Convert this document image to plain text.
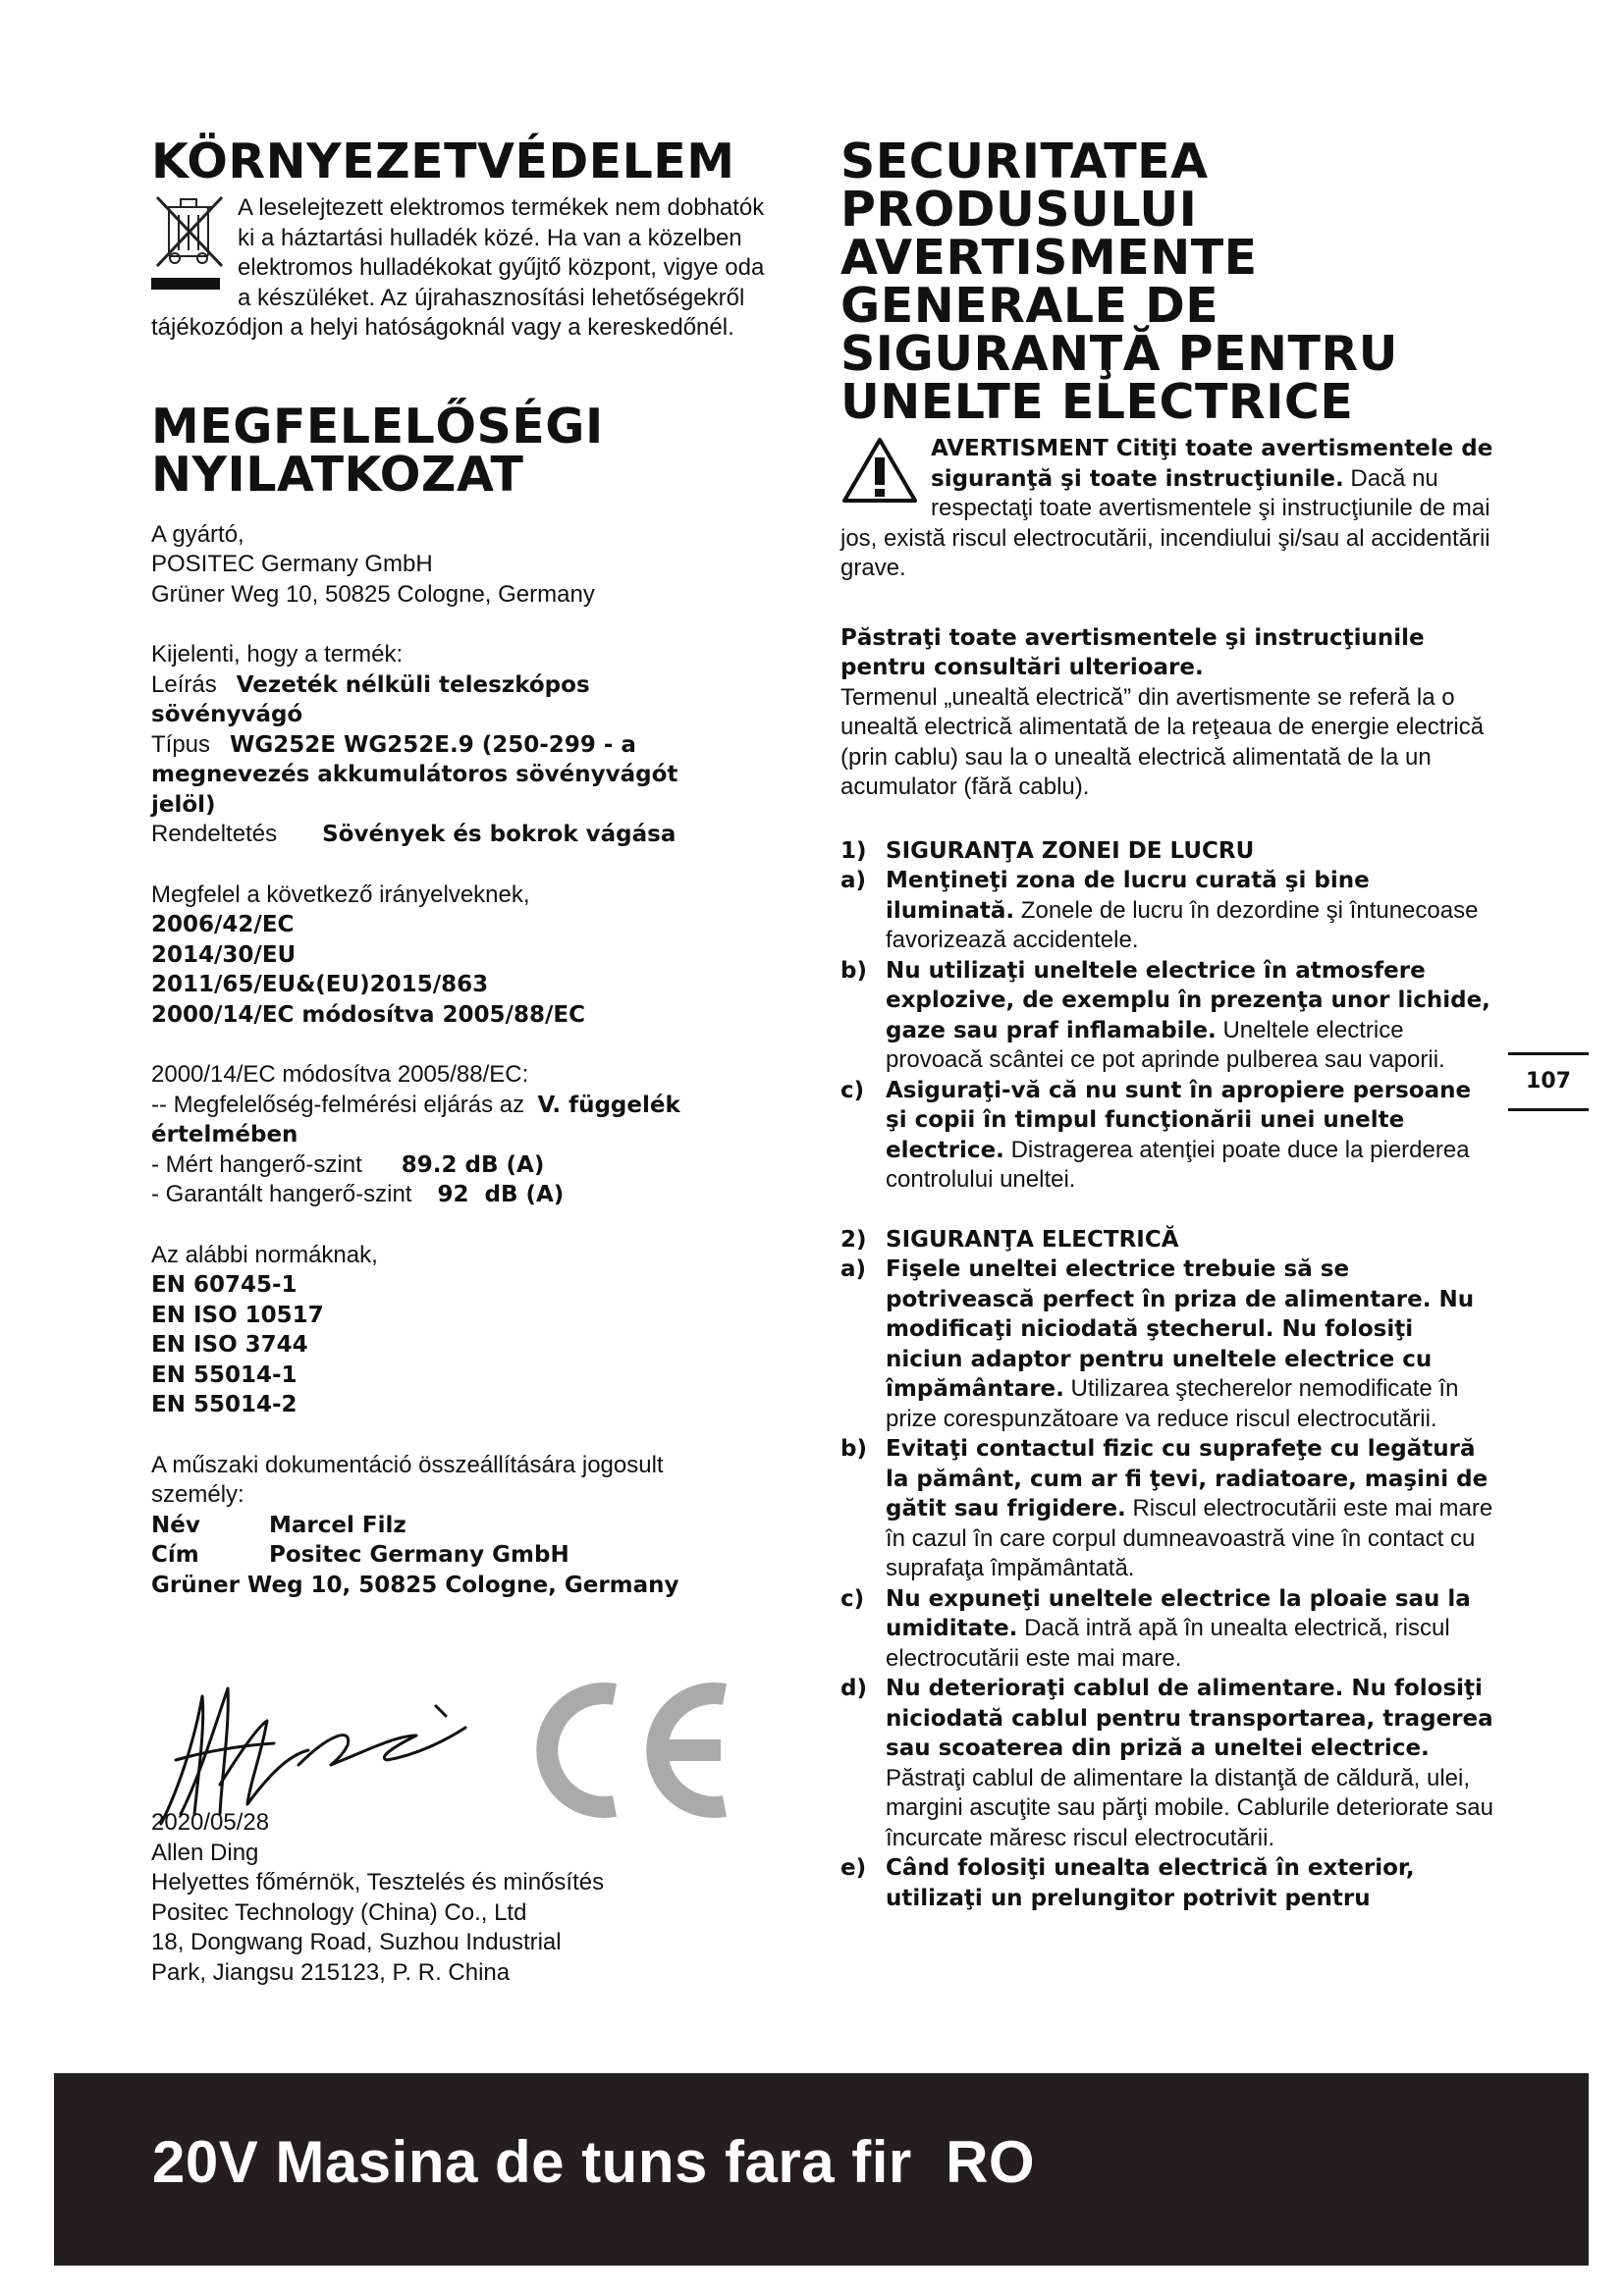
KÖRNYEZETVÉDELEM
A leselejtezett elektromos termékek nem dobhatók ki a háztartási hulladék közé. Ha van a közelben elektromos hulladékokat gyűjtő központ, vigye oda a készüléket. Az újrahasznosítási lehetőségekről tájékozódjon a helyi hatóságoknál vagy a kereskedőnél.
MEGFELELŐSÉGI
NYILATKOZAT
A gyártó,
POSITEC Germany GmbH
Grüner Weg 10, 50825 Cologne, Germany
Kijelenti, hogy a termék:
Leírás Vezeték nélküli teleszkópos
sövényvágó
Típus WG252E WG252E.9 (250-299 - a
megnevezés akkumulátoros sövényvágót
jelöl)
Rendeltetés Sövények és bokrok vágása
Megfelel a következő irányelveknek,
2006/42/EC
2014/30/EU
2011/65/EU&(EU)2015/863
2000/14/EC módosítva 2005/88/EC
2000/14/EC módosítva 2005/88/EC:
-- Megfelelőség-felmérési eljárás az V. függelék
értelmében
- Mért hangerő-szint 89.2 dB (A)
- Garantált hangerő-szint 92  dB (A)
Az alábbi normáknak,
EN 60745-1
EN ISO 10517
EN ISO 3744
EN 55014-1
EN 55014-2
A műszaki dokumentáció összeállítására jogosult
személy:
Név	Marcel Filz
Cím	Positec Germany GmbH
Grüner Weg 10, 50825 Cologne, Germany
2020/05/28
Allen Ding
Helyettes főmérnök, Tesztelés és minősítés
Positec Technology (China) Co., Ltd
18, Dongwang Road, Suzhou Industrial
Park, Jiangsu 215123, P. R. China
SECURITATEA
PRODUSULUI
AVERTISMENTE
GENERALE DE
SIGURANŢĂ PENTRU
UNELTE ELECTRICE
AVERTISMENT Citiţi toate avertismentele de siguranţă şi toate instrucţiunile. Dacă nu respectaţi toate avertismentele şi instrucţiunile de mai jos, există riscul electrocutării, incendiului şi/sau al accidentării grave.
Păstraţi toate avertismentele şi instrucţiunile pentru consultări ulterioare.
Termenul „unealtă electrică” din avertismente se referă la o unealtă electrică alimentată de la reţeaua de energie electrică (prin cablu) sau la o unealtă electrică alimentată de la un acumulator (fără cablu).
1) SIGURANŢA ZONEI DE LUCRU
a) Menţineţi zona de lucru curată şi bine iluminată. Zonele de lucru în dezordine şi întunecoase favorizează accidentele.
b) Nu utilizaţi uneltele electrice în atmosfere explozive, de exemplu în prezenţa unor lichide, gaze sau praf inflamabile. Uneltele electrice provoacă scântei ce pot aprinde pulberea sau vaporii.
c) Asiguraţi-vă că nu sunt în apropiere persoane şi copii în timpul funcţionării unei unelte electrice. Distragerea atenţiei poate duce la pierderea controlului uneltei.
2) SIGURANŢA ELECTRICĂ
a) Fişele uneltei electrice trebuie să se potrivească perfect în priza de alimentare. Nu modificaţi niciodată ştecherul. Nu folosiţi niciun adaptor pentru uneltele electrice cu împământare. Utilizarea ştecherelor nemodificate în prize corespunzătoare va reduce riscul electrocutării.
b) Evitaţi contactul fizic cu suprafeţe cu legătură la pământ, cum ar fi ţevi, radiatoare, maşini de gătit sau frigidere. Riscul electrocutării este mai mare în cazul în care corpul dumneavoastră vine în contact cu suprafaţa împământată.
c) Nu expuneţi uneltele electrice la ploaie sau la umiditate. Dacă intră apă în unealta electrică, riscul electrocutării este mai mare.
d) Nu deterioraţi cablul de alimentare. Nu folosiţi niciodată cablul pentru transportarea, tragerea sau scoaterea din priză a uneltei electrice. Păstraţi cablul de alimentare la distanţă de căldură, ulei, margini ascuţite sau părţi mobile. Cablurile deteriorate sau încurcate măresc riscul electrocutării.
e) Când folosiţi unealta electrică în exterior, utilizaţi un prelungitor potrivit pentru
107
20V Masina de tuns fara fir  RO
